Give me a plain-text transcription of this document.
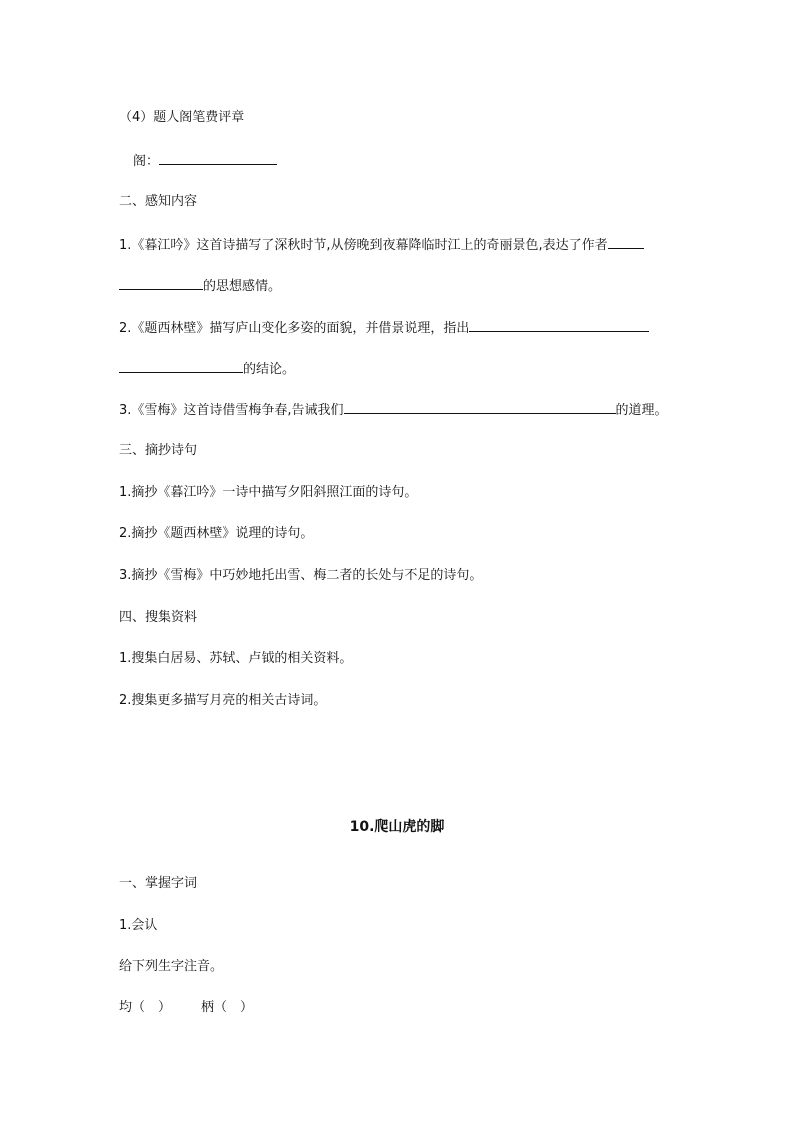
（4）题人阁笔费评章
阁：
二、感知内容
1.《暮江吟》这首诗描写了深秋时节,从傍晚到夜幕降临时江上的奇丽景色,表达了作者
的思想感情。
2.《题西林壁》描写庐山变化多姿的面貌，并借景说理，指出
的结论。
3.《雪梅》这首诗借雪梅争春,告诫我们	的道理。
三、摘抄诗句
1.摘抄《暮江吟》一诗中描写夕阳斜照江面的诗句。
2.摘抄《题西林壁》说理的诗句。
3.摘抄《雪梅》中巧妙地托出雪、梅二者的长处与不足的诗句。
四、搜集资料
1.搜集白居易、苏轼、卢钺的相关资料。
2.搜集更多描写月亮的相关古诗词。
10.爬山虎的脚
一、掌握字词
1.会认
给下列生字注音。
均（　） 柄（　）
